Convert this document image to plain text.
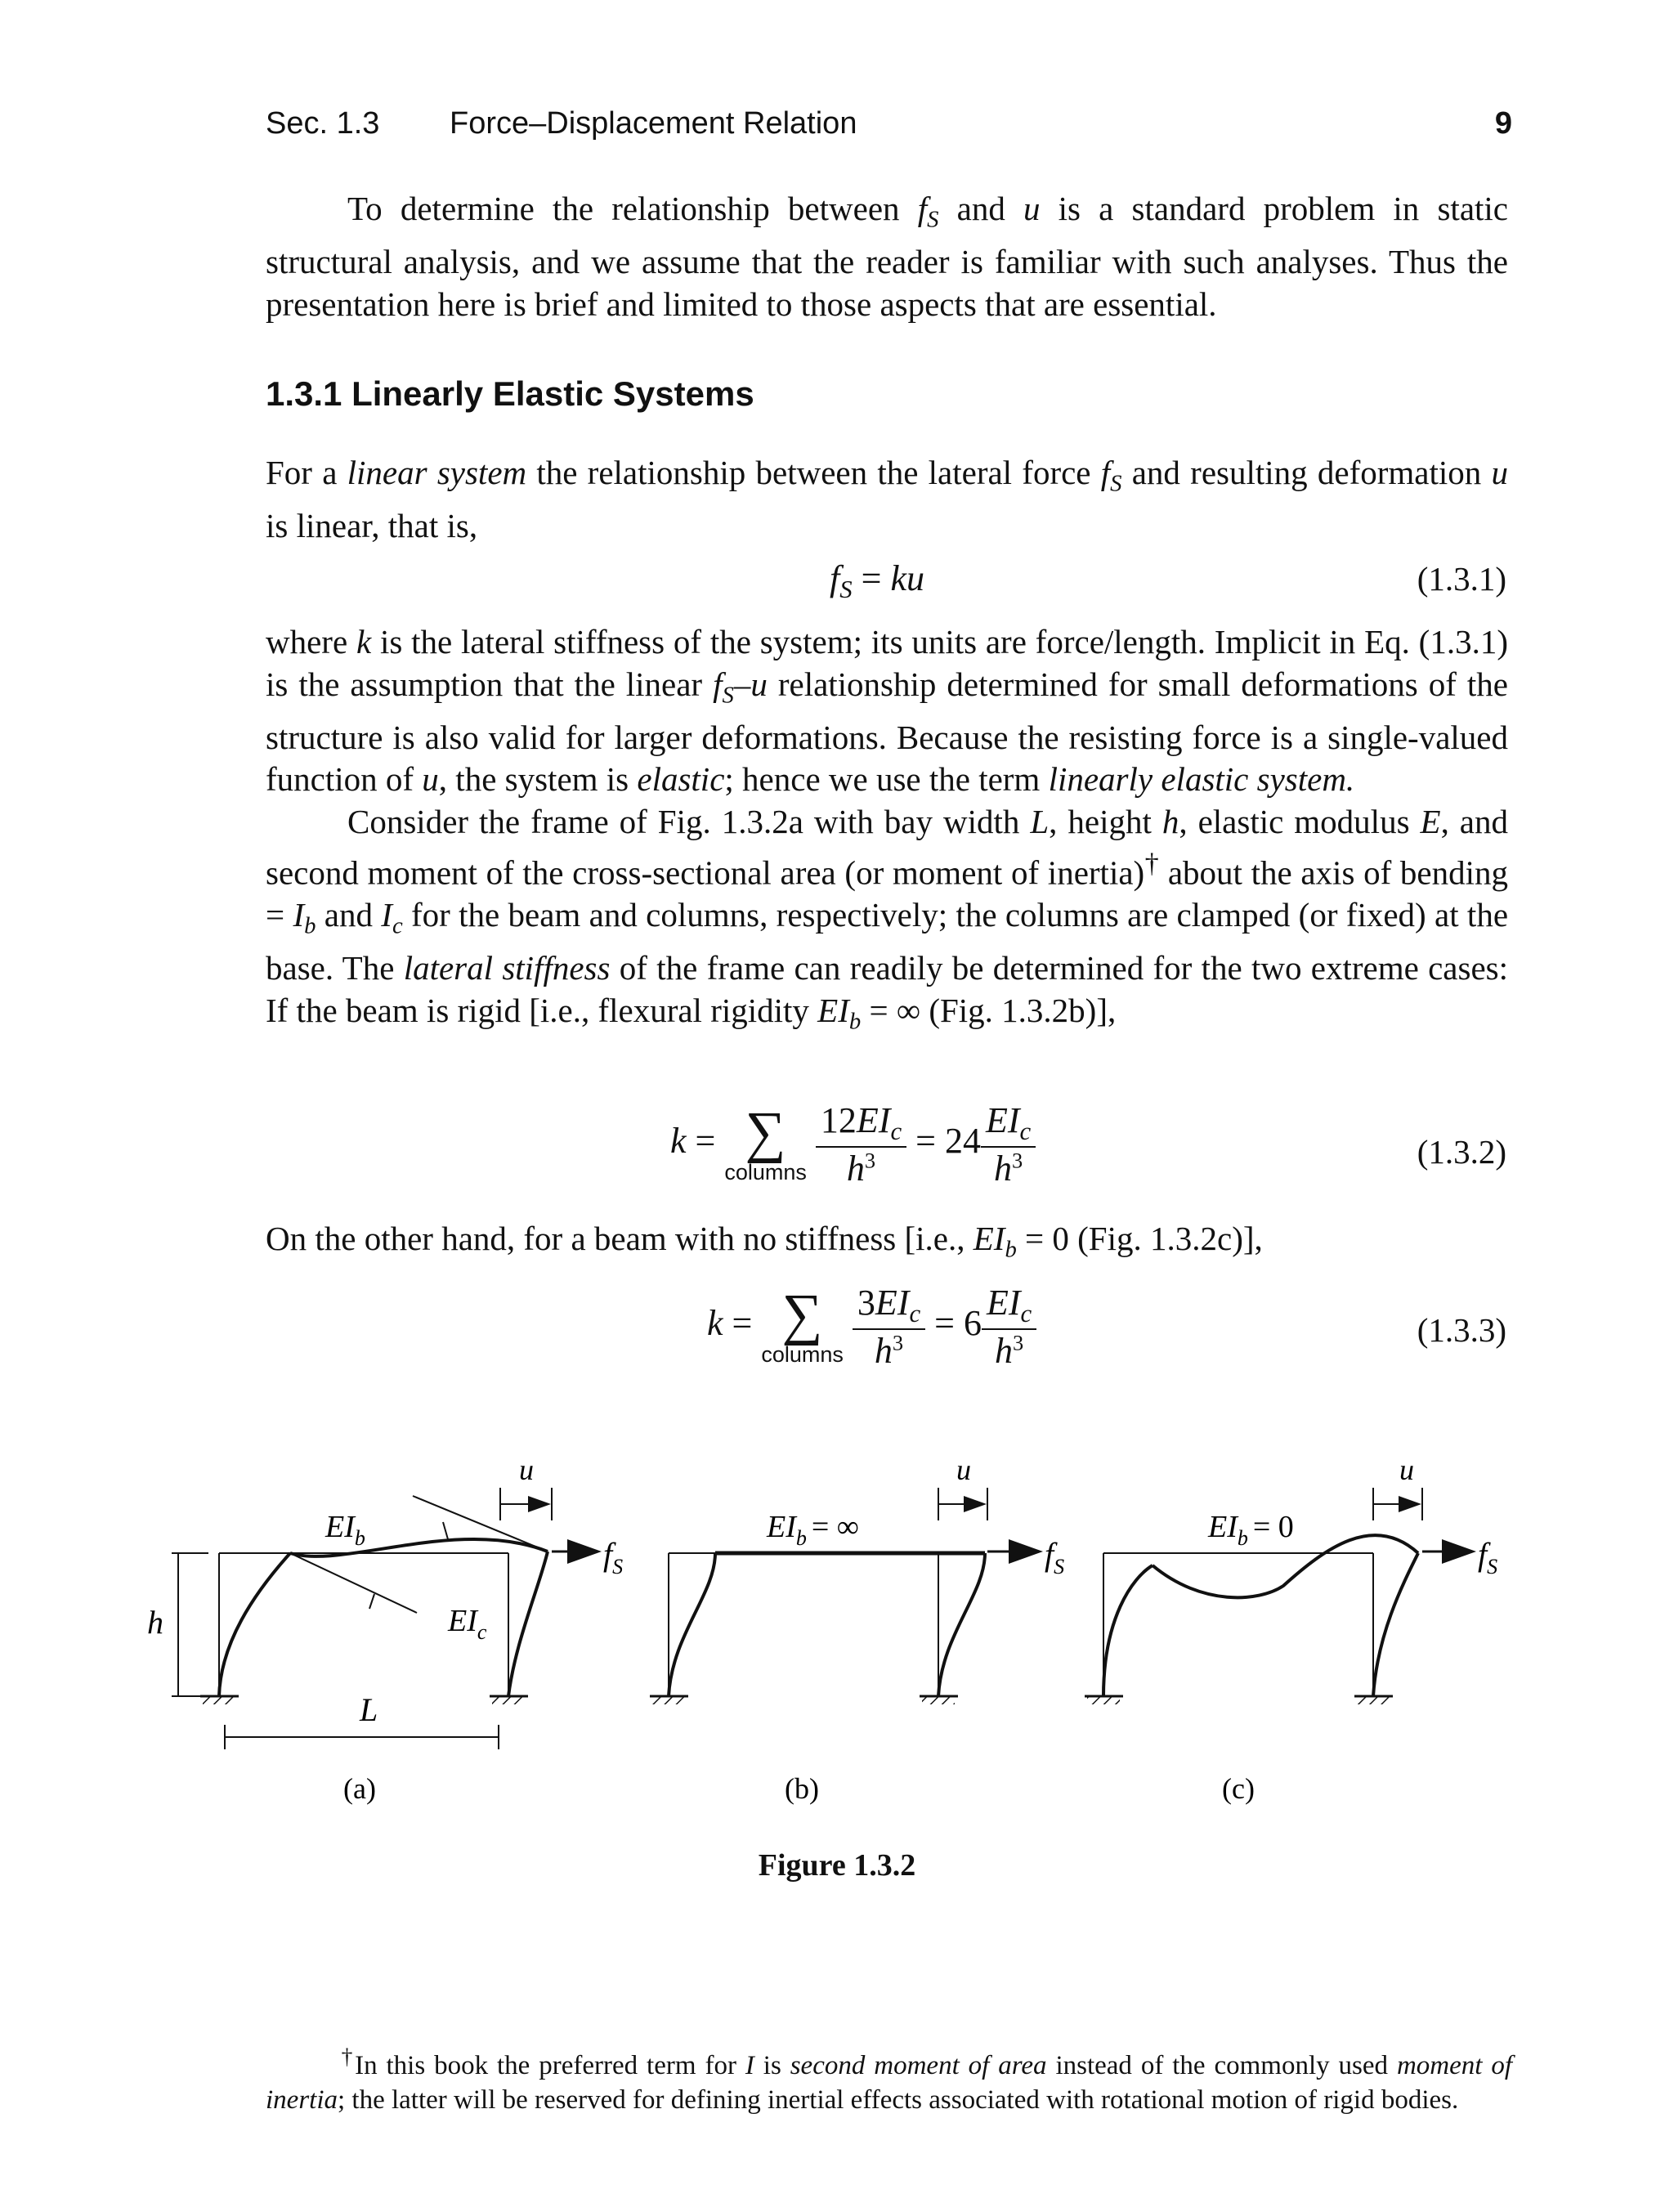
Sec. 1.3 Force–Displacement Relation	9

To determine the relationship between $f_S$ and u is a standard problem in static structural analysis, and we assume that the reader is familiar with such analyses. Thus the presentation here is brief and limited to those aspects that are essential.

1.3.1 Linearly Elastic Systems

For a linear system the relationship between the lateral force $f_S$ and resulting deformation u is linear, that is,

$f_S$ = ku	(1.3.1)

where k is the lateral stiffness of the system; its units are force/length. Implicit in Eq. (1.3.1) is the assumption that the linear $f_S-u$ relationship determined for small deformations of the structure is also valid for larger deformations. Because the resisting force is a single-valued function of u, the system is elastic; hence we use the term linearly elastic system.

Consider the frame of Fig. 1.3.2a with bay width L, height h, elastic modulus E, and second moment of the cross-sectional area (or moment of inertia)† about the axis of bending = $I_b$ and $I_c$ for the beam and columns, respectively; the columns are clamped (or fixed) at the base. The lateral stiffness of the frame can readily be determined for the two extreme cases: If the beam is rigid [i.e., flexural rigidity $EI_b$ = ∞ (Fig. 1.3.2b)],

k = ∑
columns
$\frac{12EI_c}{h^3} = 24 \frac{EI_c}{h^3}$	(1.3.2)

On the other hand, for a beam with no stiffness [i.e., $EI_b = 0$ (Fig. 1.3.2c)],

k = ∑
columns
$\frac{3EI_c}{h^3} = 6 \frac{EI_c}{h^3}$	(1.3.3)
h
L
$EI_b$
$EI_c$
u
$f_S$
(a)
$EI_b$ = ∞
u
$f_S$
(b)
$EI_b = 0$
u
$f_S$
(c)
Figure 1.3.2
†In this book the preferred term for I is second moment of area instead of the commonly used moment of inertia; the latter will be reserved for defining inertial effects associated with rotational motion of rigid bodies.
